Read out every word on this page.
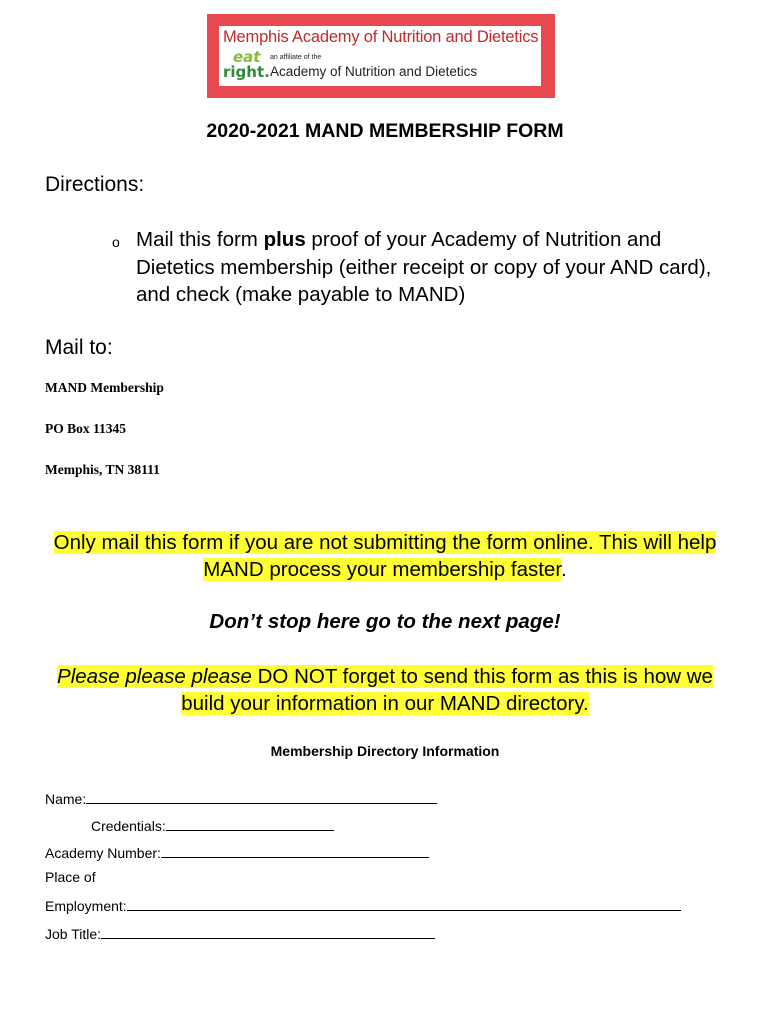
Memphis Academy of Nutrition and Dietetics
eat
right.
an affiliate of the
Academy of Nutrition and Dietetics
2020-2021 MAND MEMBERSHIP FORM
Directions:
o Mail this form plus proof of your Academy of Nutrition and Dietetics membership (either receipt or copy of your AND card), and check (make payable to MAND)
Mail to:
MAND Membership
PO Box 11345
Memphis, TN 38111
Only mail this form if you are not submitting the form online. This will help MAND process your membership faster.
Don’t stop here go to the next page!
Please please please DO NOT forget to send this form as this is how we build your information in our MAND directory.
Membership Directory Information
Name:
Credentials:
Academy Number:
Place of
Employment:
Job Title:
